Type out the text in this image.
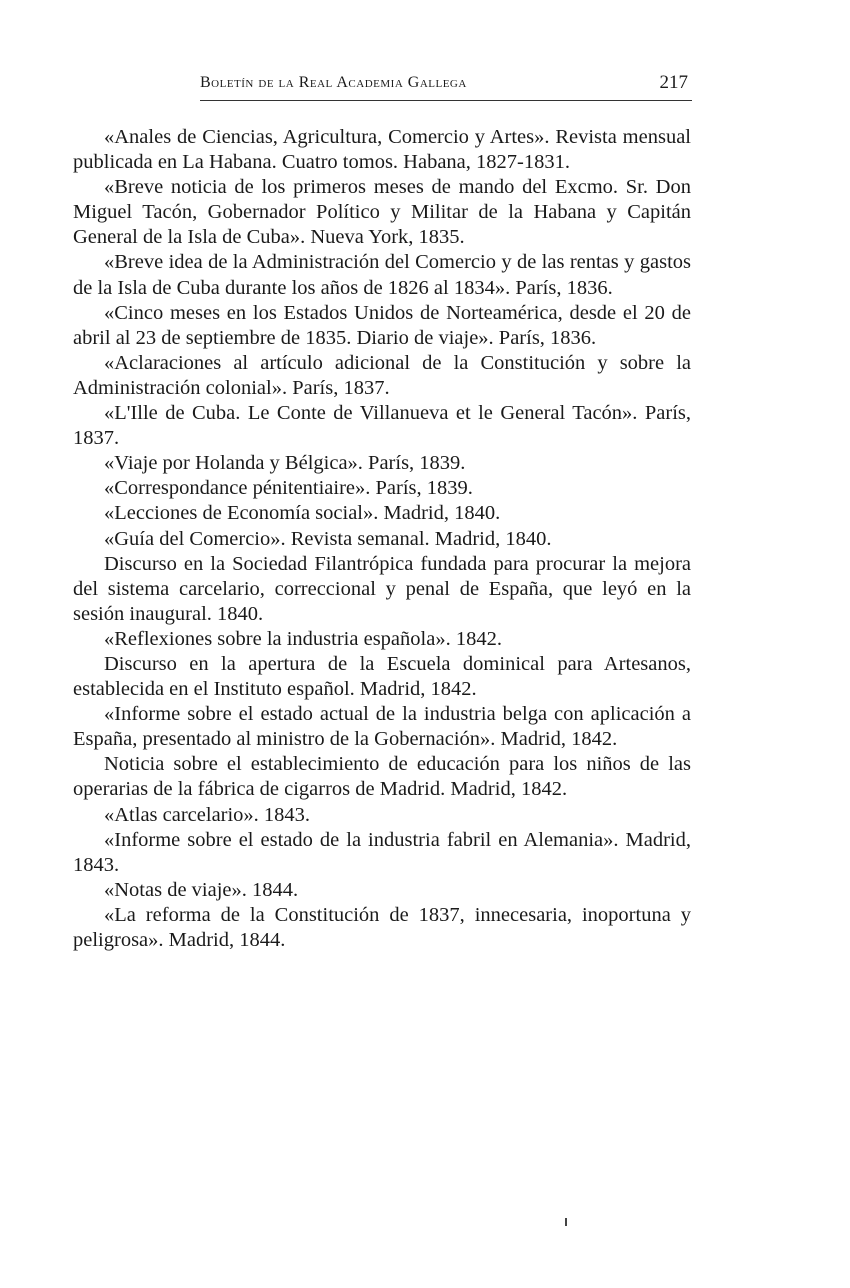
Boletín de la Real Academia Gallega	217

«Anales de Ciencias, Agricultura, Comercio y Artes». Revista mensual publicada en La Habana. Cuatro tomos. Habana, 1827-1831.

«Breve noticia de los primeros meses de mando del Excmo. Sr. Don Miguel Tacón, Gobernador Político y Militar de la Habana y Capitán General de la Isla de Cuba». Nueva York, 1835.

«Breve idea de la Administración del Comercio y de las rentas y gastos de la Isla de Cuba durante los años de 1826 al 1834». París, 1836.

«Cinco meses en los Estados Unidos de Norteamérica, desde el 20 de abril al 23 de septiembre de 1835. Diario de viaje». París, 1836.

«Aclaraciones al artículo adicional de la Constitución y sobre la Administración colonial». París, 1837.

«L'Ille de Cuba. Le Conte de Villanueva et le General Tacón». París, 1837.

«Viaje por Holanda y Bélgica». París, 1839.

«Correspondance pénitentiaire». París, 1839.

«Lecciones de Economía social». Madrid, 1840.

«Guía del Comercio». Revista semanal. Madrid, 1840.

Discurso en la Sociedad Filantrópica fundada para procurar la mejora del sistema carcelario, correccional y penal de España, que leyó en la sesión inaugural. 1840.

«Reflexiones sobre la industria española». 1842.

Discurso en la apertura de la Escuela dominical para Artesanos, establecida en el Instituto español. Madrid, 1842.

«Informe sobre el estado actual de la industria belga con aplicación a España, presentado al ministro de la Gobernación». Madrid, 1842.

Noticia sobre el establecimiento de educación para los niños de las operarias de la fábrica de cigarros de Madrid. Madrid, 1842.

«Atlas carcelario». 1843.

«Informe sobre el estado de la industria fabril en Alemania». Madrid, 1843.

«Notas de viaje». 1844.

«La reforma de la Constitución de 1837, innecesaria, inoportuna y peligrosa». Madrid, 1844.
